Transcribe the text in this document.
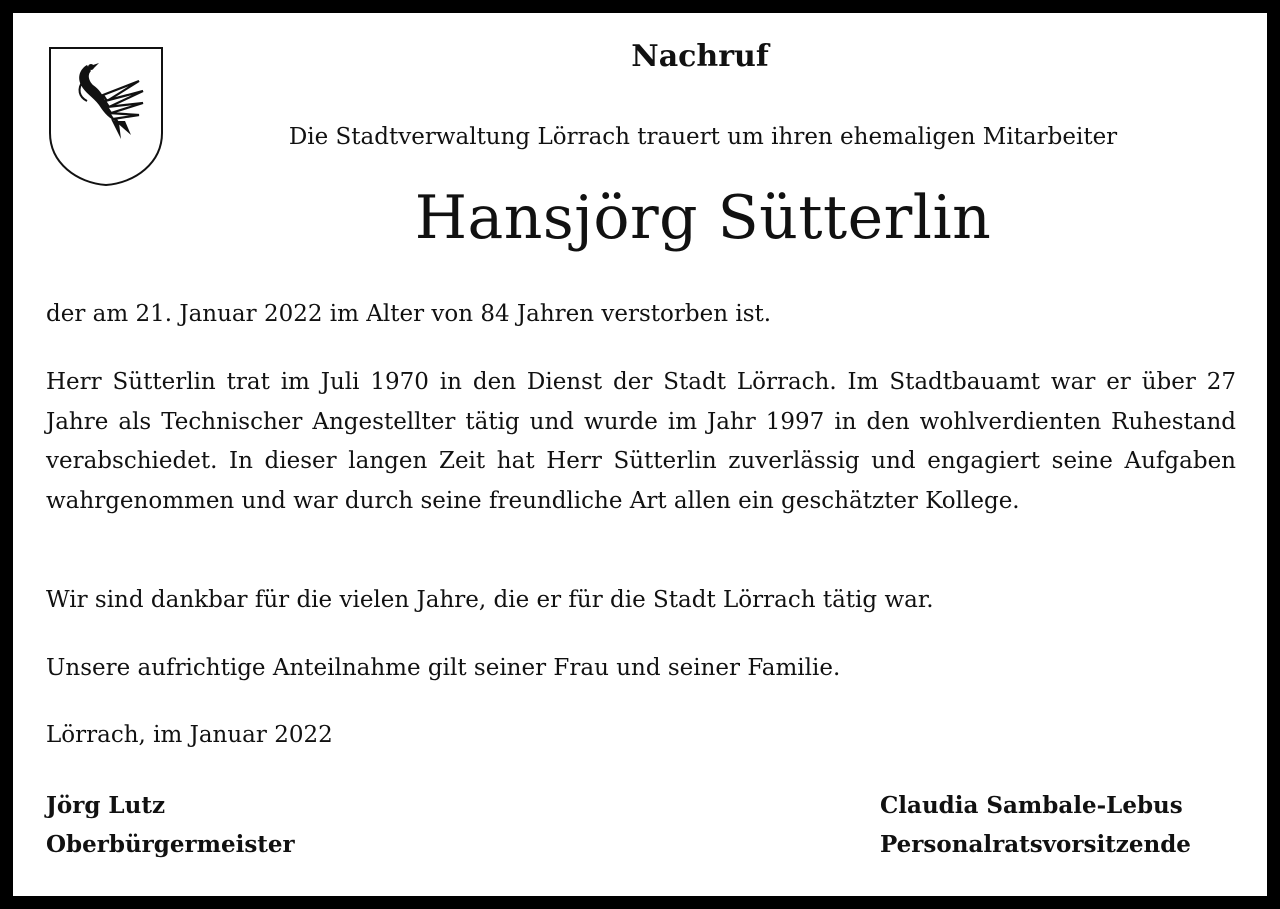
Nachruf
Die Stadtverwaltung Lörrach trauert um ihren ehemaligen Mitarbeiter
Hansjörg Sütterlin
der am 21. Januar 2022 im Alter von 84 Jahren verstorben ist.
Herr Sütterlin trat im Juli 1970 in den Dienst der Stadt Lörrach. Im Stadtbauamt war er über 27 Jahre als Technischer Angestellter tätig und wurde im Jahr 1997 in den wohlverdienten Ruhestand verabschiedet. In dieser langen Zeit hat Herr Sütterlin zuverlässig und engagiert seine Aufgaben wahrgenommen und war durch seine freundliche Art allen ein geschätzter Kollege.
Wir sind dankbar für die vielen Jahre, die er für die Stadt Lörrach tätig war.
Unsere aufrichtige Anteilnahme gilt seiner Frau und seiner Familie.
Lörrach, im Januar 2022
Jörg Lutz
Oberbürgermeister
Claudia Sambale-Lebus
Personalratsvorsitzende
